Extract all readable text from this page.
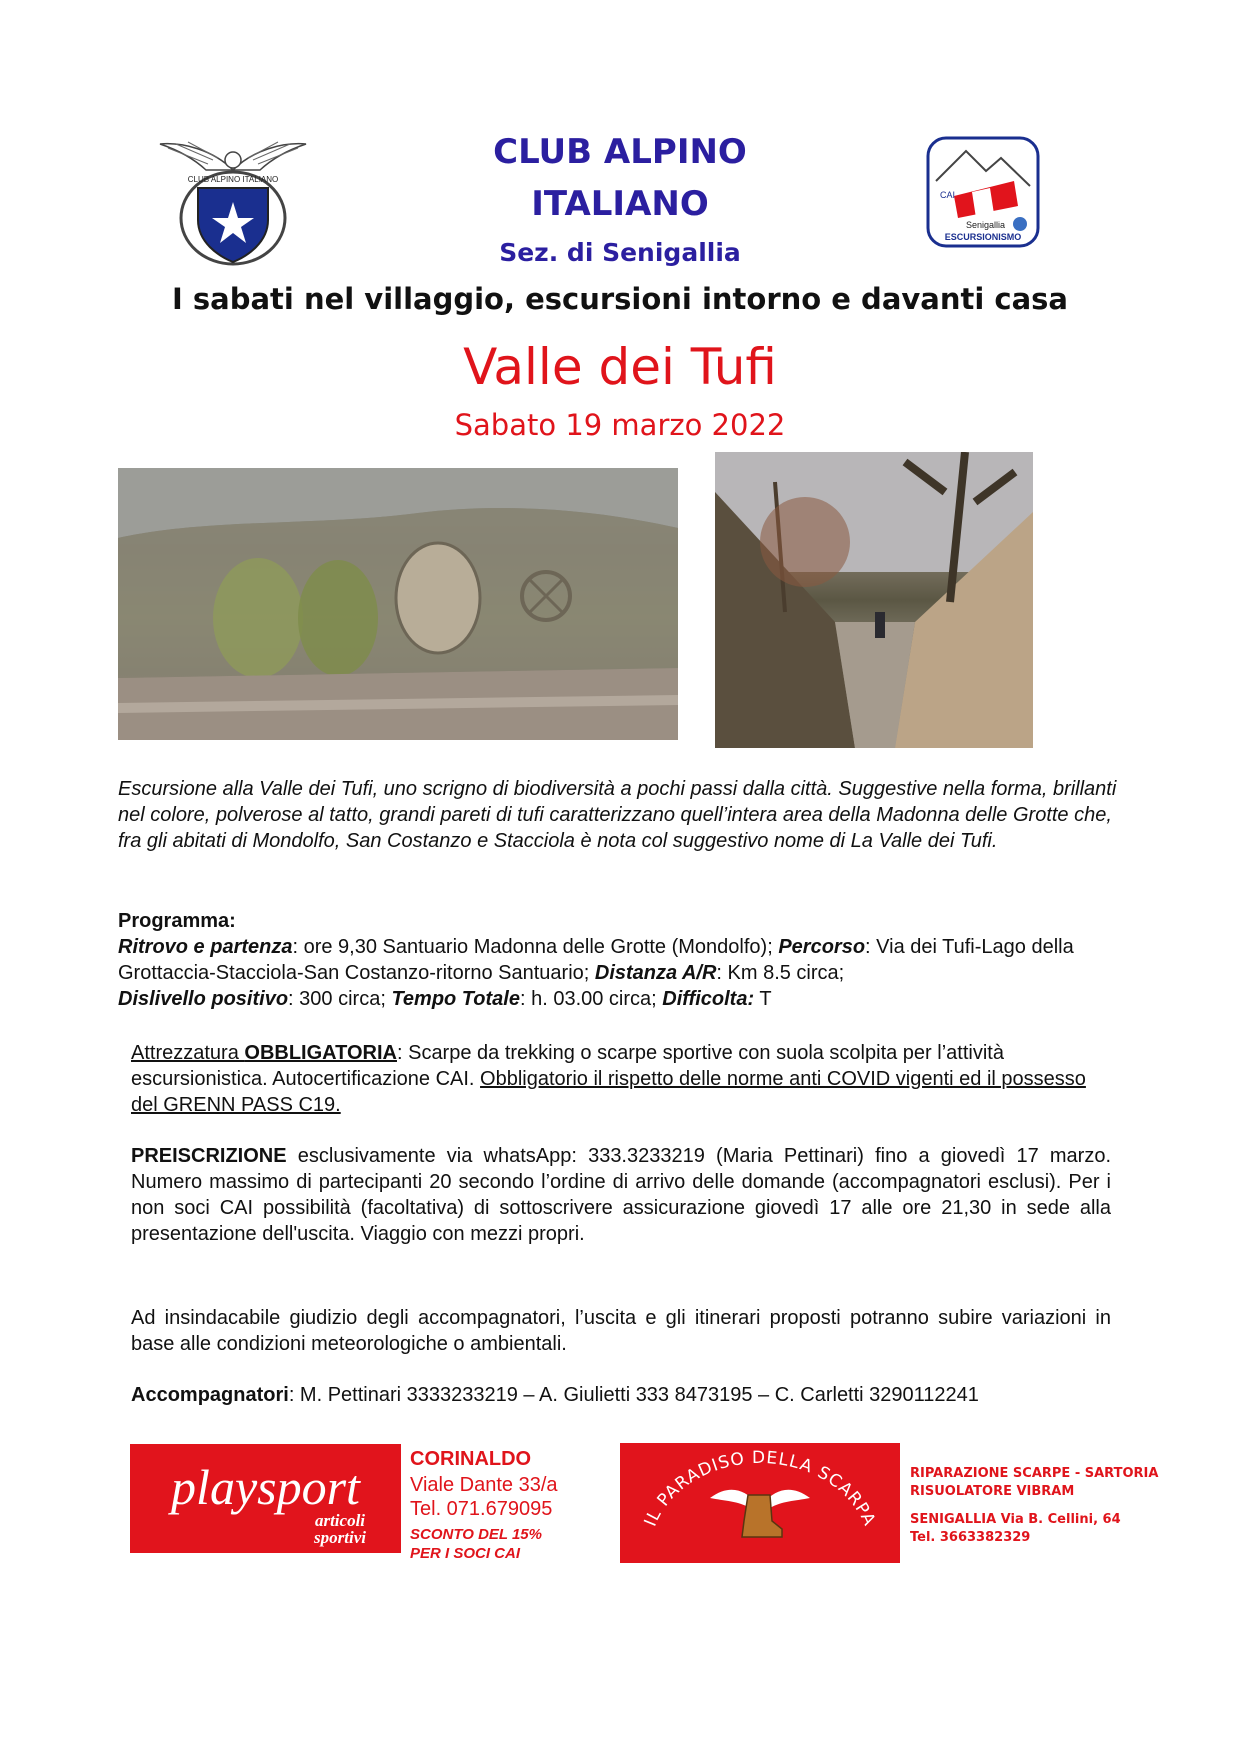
CLUB ALPINO ITALIANO
CAI
Senigallia
ESCURSIONISMO
CLUB ALPINO
ITALIANO
Sez. di Senigallia
I sabati nel villaggio, escursioni intorno e davanti casa
Valle dei Tufi
Sabato 19 marzo 2022
Escursione alla Valle dei Tufi, uno scrigno di biodiversità a pochi passi dalla città. Suggestive nella forma, brillanti nel colore, polverose al tatto, grandi pareti di tufi caratterizzano quell’intera area della Madonna delle Grotte che, fra gli abitati di Mondolfo, San Costanzo e Stacciola è nota col suggestivo nome di La Valle dei Tufi.
Programma:
Ritrovo e partenza: ore 9,30 Santuario Madonna delle Grotte (Mondolfo); Percorso: Via dei Tufi-Lago della Grottaccia-Stacciola-San Costanzo-ritorno Santuario; Distanza A/R: Km 8.5 circa;
Dislivello positivo: 300 circa; Tempo Totale: h. 03.00 circa; Difficolta: T
Attrezzatura OBBLIGATORIA: Scarpe da trekking o scarpe sportive con suola scolpita per l’attività escursionistica. Autocertificazione CAI. Obbligatorio il rispetto delle norme anti COVID vigenti ed il possesso del GRENN PASS C19.
PREISCRIZIONE esclusivamente via whatsApp: 333.3233219 (Maria Pettinari) fino a giovedì 17 marzo. Numero massimo di partecipanti 20 secondo l’ordine di arrivo delle domande (accompagnatori esclusi). Per i non soci CAI possibilità (facoltativa) di sottoscrivere assicurazione giovedì 17 alle ore 21,30 in sede alla presentazione dell'uscita. Viaggio con mezzi propri.
Ad insindacabile giudizio degli accompagnatori, l’uscita e gli itinerari proposti potranno subire variazioni in base alle condizioni meteorologiche o ambientali.
Accompagnatori: M. Pettinari 3333233219 – A. Giulietti 333 8473195 – C. Carletti 3290112241
playsport
articoli
sportivi
CORINALDO
Viale Dante 33/a
Tel. 071.679095
SCONTO DEL 15%
PER I SOCI CAI
IL PARADISO DELLA SCARPA
RIPARAZIONE SCARPE - SARTORIA
RISUOLATORE VIBRAM
SENIGALLIA Via B. Cellini, 64
Tel. 3663382329
